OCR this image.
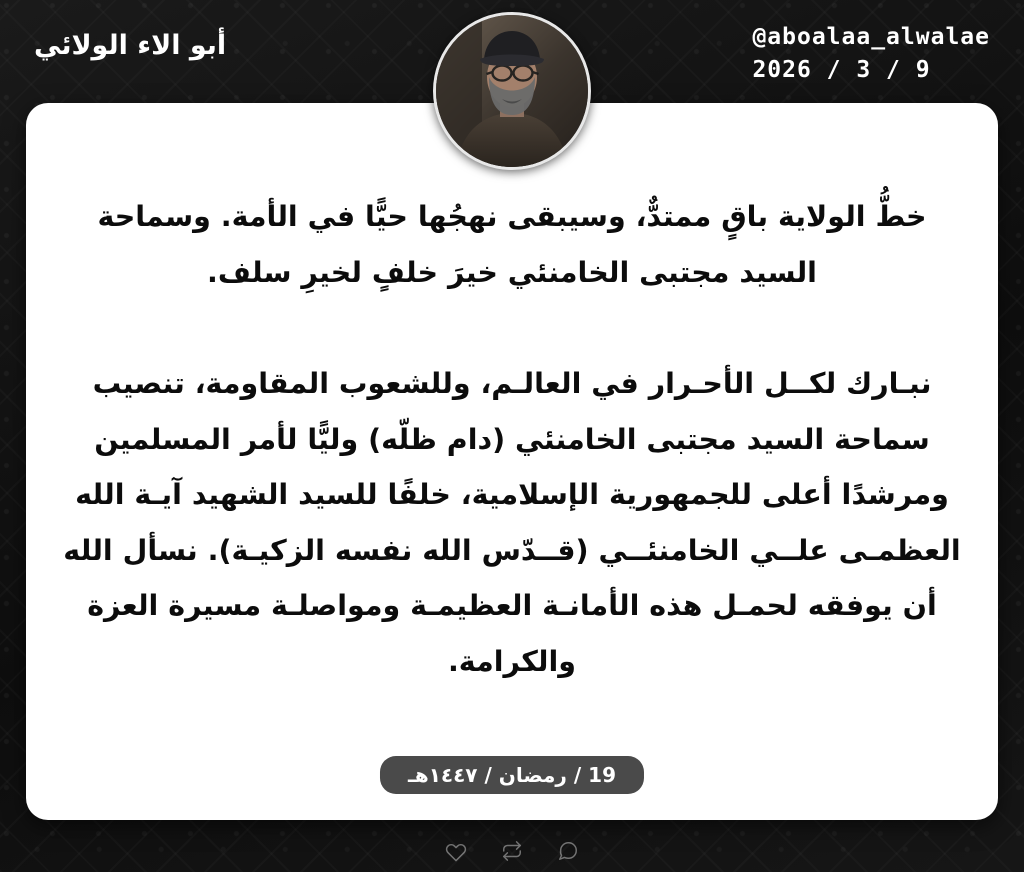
@aboalaa_alwalae
2026 / 3 / 9
أبو الاء الولائي

خطُّ الولاية باقٍ ممتدٌّ، وسيبقى نهجُها حيًّا في الأمة. وسماحة السيد مجتبى الخامنئي خيرَ خلفٍ لخيرِ سلف.

نبـارك لكــل الأحـرار في العالـم، وللشعوب المقاومة، تنصيب سماحة السيد مجتبى الخامنئي (دام ظلّه) وليًّا لأمر المسلمين ومرشدًا أعلى للجمهورية الإسلامية، خلفًا للسيد الشهيد آيـة الله العظمـى علــي الخامنئــي (قــدّس الله نفسه الزكيـة). نسأل الله أن يوفقه لحمـل هذه الأمانـة العظيمـة ومواصلـة مسيرة العزة والكرامة.

19 / رمضان / ١٤٤٧هـ
